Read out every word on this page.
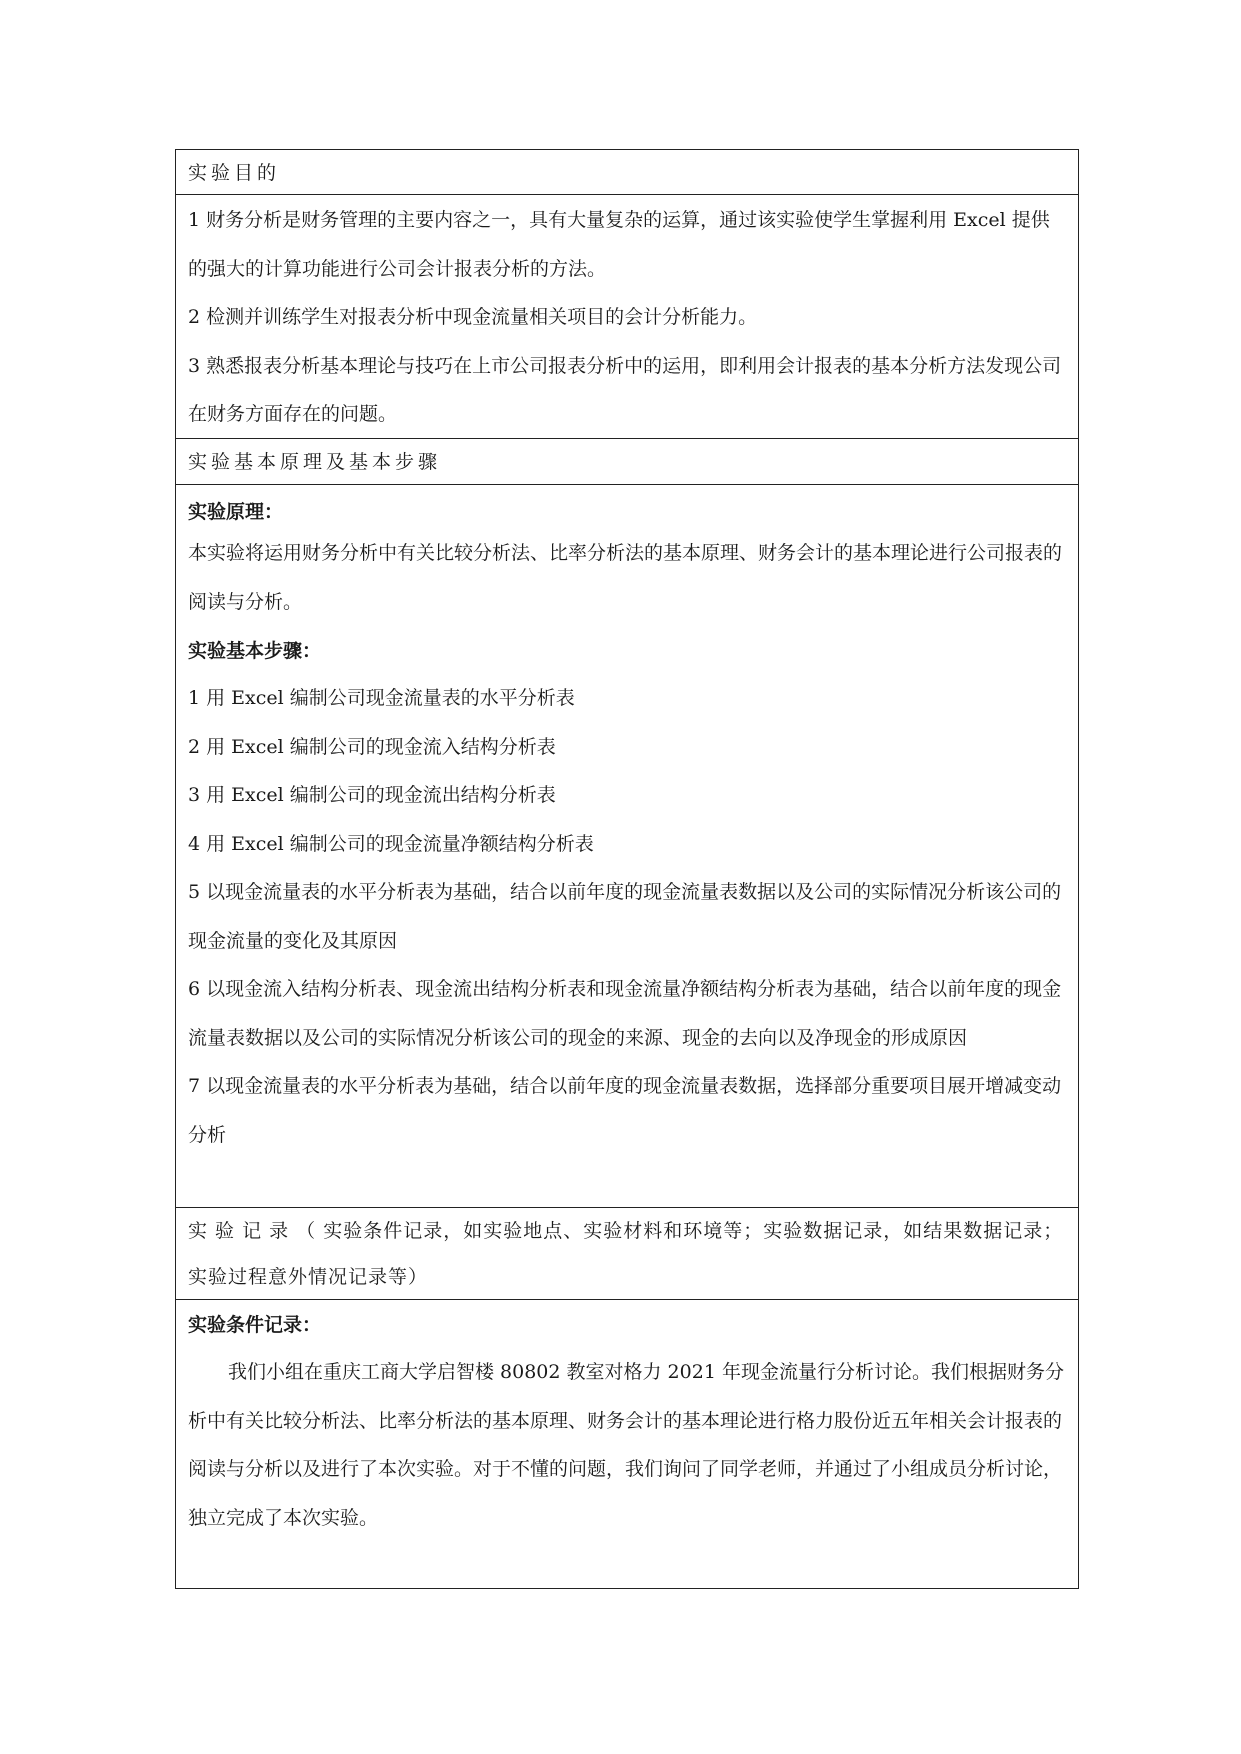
实验目的

1 财务分析是财务管理的主要内容之一，具有大量复杂的运算，通过该实验使学生掌握利用 Excel 提供的强大的计算功能进行公司会计报表分析的方法。

2 检测并训练学生对报表分析中现金流量相关项目的会计分析能力。

3 熟悉报表分析基本理论与技巧在上市公司报表分析中的运用，即利用会计报表的基本分析方法发现公司在财务方面存在的问题。

实验基本原理及基本步骤
实验原理：

本实验将运用财务分析中有关比较分析法、比率分析法的基本原理、财务会计的基本理论进行公司报表的阅读与分析。

实验基本步骤：

1 用 Excel 编制公司现金流量表的水平分析表

2 用 Excel 编制公司的现金流入结构分析表

3 用 Excel 编制公司的现金流出结构分析表

4 用 Excel 编制公司的现金流量净额结构分析表

5 以现金流量表的水平分析表为基础，结合以前年度的现金流量表数据以及公司的实际情况分析该公司的现金流量的变化及其原因

6 以现金流入结构分析表、现金流出结构分析表和现金流量净额结构分析表为基础，结合以前年度的现金流量表数据以及公司的实际情况分析该公司的现金的来源、现金的去向以及净现金的形成原因

7 以现金流量表的水平分析表为基础，结合以前年度的现金流量表数据，选择部分重要项目展开增减变动分析

实 验 记 录 （ 实验条件记录，如实验地点、实验材料和环境等；实验数据记录，如结果数据记录；实验过程意外情况记录等）
实验条件记录：

我们小组在重庆工商大学启智楼 80802 教室对格力 2021 年现金流量行分析讨论。我们根据财务分析中有关比较分析法、比率分析法的基本原理、财务会计的基本理论进行格力股份近五年相关会计报表的阅读与分析以及进行了本次实验。对于不懂的问题，我们询问了同学老师，并通过了小组成员分析讨论，独立完成了本次实验。
